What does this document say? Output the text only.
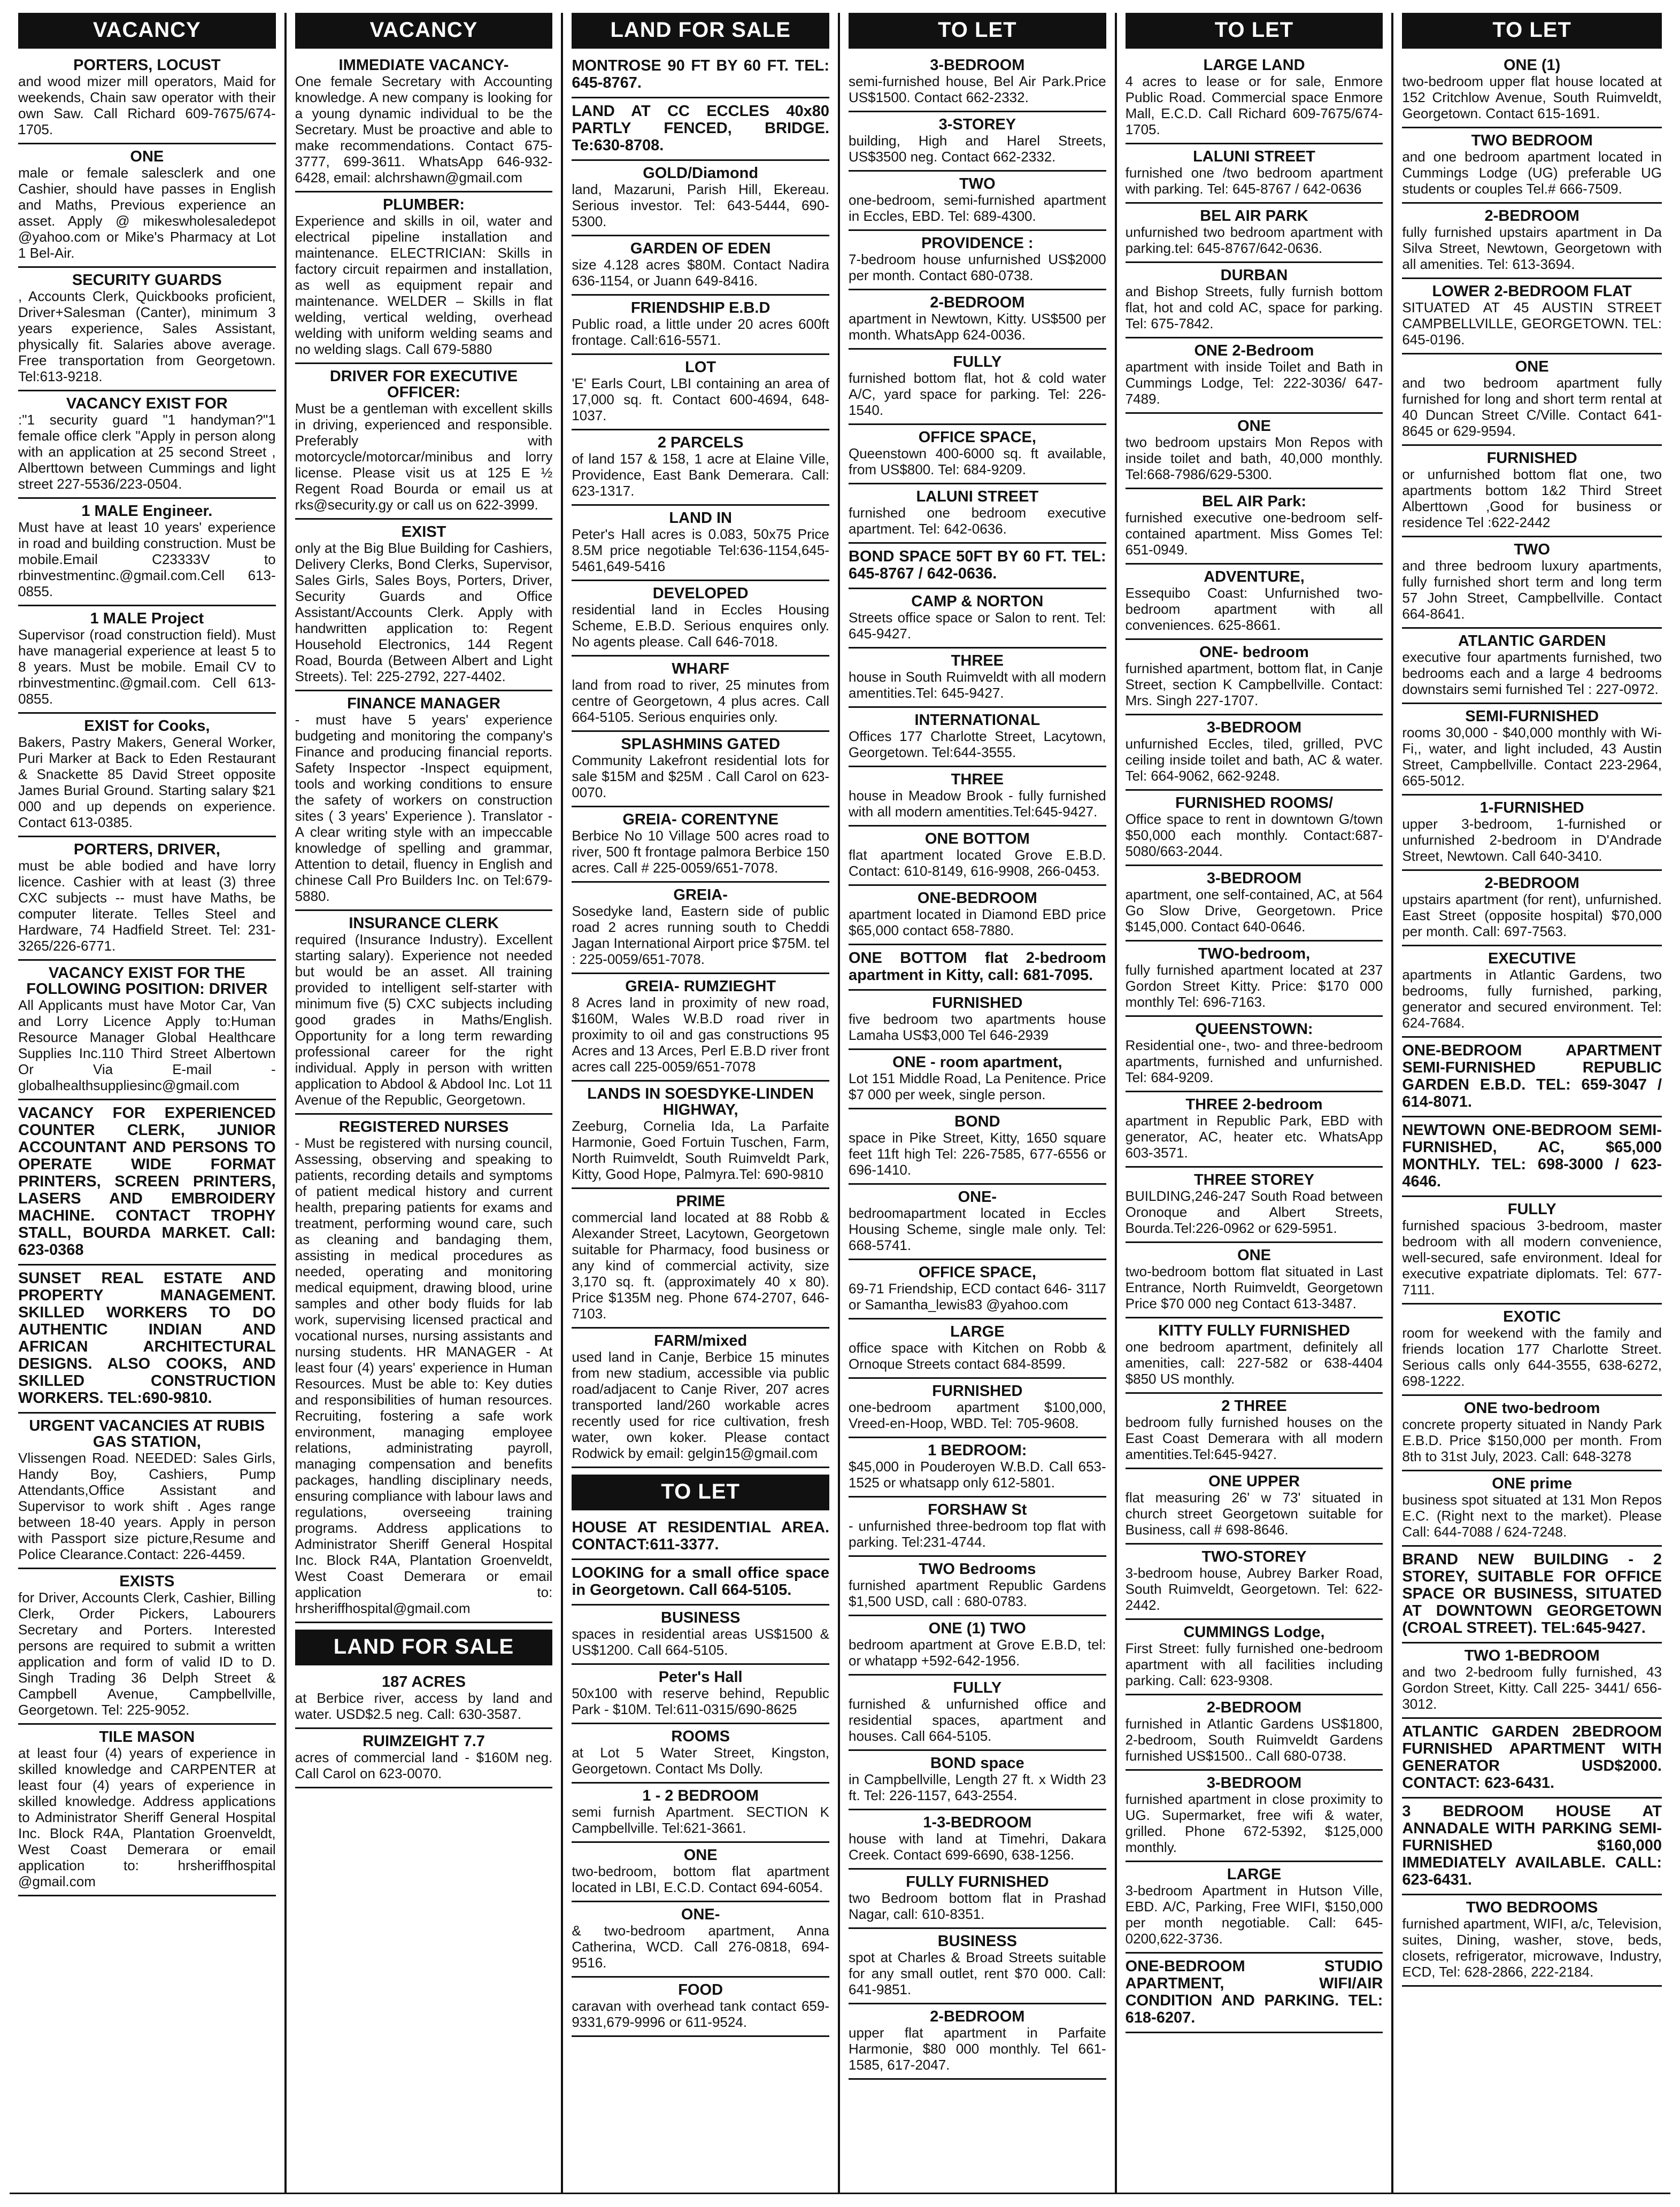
VACANCY
PORTERS, LOCUST
and wood mizer mill operators, Maid for weekends, Chain saw operator with their own Saw. Call Richard 609-7675/674-1705.
ONE
male or female salesclerk and one Cashier, should have passes in English and Maths, Previous experience an asset. Apply @ mikeswholesaledepot @yahoo.com or Mike's Pharmacy at Lot 1 Bel-Air.
SECURITY GUARDS
, Accounts Clerk, Quickbooks proficient, Driver+Salesman (Canter), minimum 3 years experience, Sales Assistant, physically fit. Salaries above average. Free transportation from Georgetown. Tel:613-9218.
VACANCY EXIST FOR
:"1 security guard "1 handyman?"1 female office clerk "Apply in person along with an application at 25 second Street , Alberttown between Cummings and light street 227-5536/223-0504.
1 MALE Engineer.
Must have at least 10 years' experience in road and building construction. Must be mobile.Email C23333V to rbinvestmentinc.@gmail.com.Cell 613-0855.
1 MALE Project
Supervisor (road construction field). Must have managerial experience at least 5 to 8 years. Must be mobile. Email CV to rbinvestmentinc.@gmail.com. Cell 613-0855.
EXIST for Cooks,
Bakers, Pastry Makers, General Worker, Puri Marker at Back to Eden Restaurant & Snackette 85 David Street opposite James Burial Ground. Starting salary $21 000 and up depends on experience. Contact 613-0385.
PORTERS, DRIVER,
must be able bodied and have lorry licence. Cashier with at least (3) three CXC subjects -- must have Maths, be computer literate. Telles Steel and Hardware, 74 Hadfield Street. Tel: 231-3265/226-6771.
VACANCY EXIST FOR THE FOLLOWING POSITION: DRIVER
All Applicants must have Motor Car, Van and Lorry Licence Apply to:Human Resource Manager Global Healthcare Supplies Inc.110 Third Street Albertown Or Via E-mail - globalhealthsuppliesinc@gmail.com
VACANCY FOR EXPERIENCED COUNTER CLERK, JUNIOR ACCOUNTANT AND PERSONS TO OPERATE WIDE FORMAT PRINTERS, SCREEN PRINTERS, LASERS AND EMBROIDERY MACHINE. CONTACT TROPHY STALL, BOURDA MARKET. Call: 623-0368
SUNSET REAL ESTATE AND PROPERTY MANAGEMENT. SKILLED WORKERS TO DO AUTHENTIC INDIAN AND AFRICAN ARCHITECTURAL DESIGNS. ALSO COOKS, AND SKILLED CONSTRUCTION WORKERS. TEL:690-9810.
URGENT VACANCIES AT RUBIS GAS STATION,
Vlissengen Road. NEEDED: Sales Girls, Handy Boy, Cashiers, Pump Attendants,Office Assistant and Supervisor to work shift . Ages range between 18-40 years. Apply in person with Passport size picture,Resume and Police Clearance.Contact: 226-4459.
EXISTS
for Driver, Accounts Clerk, Cashier, Billing Clerk, Order Pickers, Labourers Secretary and Porters. Interested persons are required to submit a written application and form of valid ID to D. Singh Trading 36 Delph Street & Campbell Avenue, Campbellville, Georgetown. Tel: 225-9052.
TILE MASON
at least four (4) years of experience in skilled knowledge and CARPENTER at least four (4) years of experience in skilled knowledge. Address applications to Administrator Sheriff General Hospital Inc. Block R4A, Plantation Groenveldt, West Coast Demerara or email application to: hrsheriffhospital @gmail.com
VACANCY
IMMEDIATE VACANCY-
One female Secretary with Accounting knowledge. A new company is looking for a young dynamic individual to be the Secretary. Must be proactive and able to make recommendations. Contact 675-3777, 699-3611. WhatsApp 646-932-6428, email: alchrshawn@gmail.com
PLUMBER:
Experience and skills in oil, water and electrical pipeline installation and maintenance. ELECTRICIAN: Skills in factory circuit repairmen and installation, as well as equipment repair and maintenance. WELDER – Skills in flat welding, vertical welding, overhead welding with uniform welding seams and no welding slags. Call 679-5880
DRIVER FOR EXECUTIVE OFFICER:
Must be a gentleman with excellent skills in driving, experienced and responsible. Preferably with motorcycle/motorcar/minibus and lorry license. Please visit us at 125 E ½ Regent Road Bourda or email us at rks@security.gy or call us on 622-3999.
EXIST
only at the Big Blue Building for Cashiers, Delivery Clerks, Bond Clerks, Supervisor, Sales Girls, Sales Boys, Porters, Driver, Security Guards and Office Assistant/Accounts Clerk. Apply with handwritten application to: Regent Household Electronics, 144 Regent Road, Bourda (Between Albert and Light Streets). Tel: 225-2792, 227-4402.
FINANCE MANAGER
- must have 5 years' experience budgeting and monitoring the company's Finance and producing financial reports. Safety Inspector -Inspect equipment, tools and working conditions to ensure the safety of workers on construction sites ( 3 years' Experience ). Translator - A clear writing style with an impeccable knowledge of spelling and grammar, Attention to detail, fluency in English and chinese Call Pro Builders Inc. on Tel:679-5880.
INSURANCE CLERK
required (Insurance Industry). Excellent starting salary). Experience not needed but would be an asset. All training provided to intelligent self-starter with minimum five (5) CXC subjects including good grades in Maths/English. Opportunity for a long term rewarding professional career for the right individual. Apply in person with written application to Abdool & Abdool Inc. Lot 11 Avenue of the Republic, Georgetown.
REGISTERED NURSES
- Must be registered with nursing council, Assessing, observing and speaking to patients, recording details and symptoms of patient medical history and current health, preparing patients for exams and treatment, performing wound care, such as cleaning and bandaging them, assisting in medical procedures as needed, operating and monitoring medical equipment, drawing blood, urine samples and other body fluids for lab work, supervising licensed practical and vocational nurses, nursing assistants and nursing students. HR MANAGER - At least four (4) years' experience in Human Resources. Must be able to: Key duties and responsibilities of human resources. Recruiting, fostering a safe work environment, managing employee relations, administrating payroll, managing compensation and benefits packages, handling disciplinary needs, ensuring compliance with labour laws and regulations, overseeing training programs. Address applications to Administrator Sheriff General Hospital Inc. Block R4A, Plantation Groenveldt, West Coast Demerara or email application to: hrsheriffhospital@gmail.com
LAND FOR SALE
187 ACRES
at Berbice river, access by land and water. USD$2.5 neg. Call: 630-3587.
RUIMZEIGHT 7.7
acres of commercial land - $160M neg. Call Carol on 623-0070.
LAND FOR SALE
MONTROSE 90 FT BY 60 FT. TEL: 645-8767.
LAND AT CC ECCLES 40x80 PARTLY FENCED, BRIDGE. Te:630-8708.
GOLD/Diamond
land, Mazaruni, Parish Hill, Ekereau. Serious investor. Tel: 643-5444, 690-5300.
GARDEN OF EDEN
size 4.128 acres $80M. Contact Nadira 636-1154, or Juann 649-8416.
FRIENDSHIP E.B.D
Public road, a little under 20 acres 600ft frontage. Call:616-5571.
LOT
'E' Earls Court, LBI containing an area of 17,000 sq. ft. Contact 600-4694, 648-1037.
2 PARCELS
of land 157 & 158, 1 acre at Elaine Ville, Providence, East Bank Demerara. Call: 623-1317.
LAND IN
Peter's Hall acres is 0.083, 50x75 Price 8.5M price negotiable Tel:636-1154,645-5461,649-5416
DEVELOPED
residential land in Eccles Housing Scheme, E.B.D. Serious enquires only. No agents please. Call 646-7018.
WHARF
land from road to river, 25 minutes from centre of Georgetown, 4 plus acres. Call 664-5105. Serious enquiries only.
SPLASHMINS GATED
Community Lakefront residential lots for sale $15M and $25M . Call Carol on 623-0070.
GREIA- CORENTYNE
Berbice No 10 Village 500 acres road to river, 500 ft frontage palmora Berbice 150 acres. Call # 225-0059/651-7078.
GREIA-
Sosedyke land, Eastern side of public road 2 acres running south to Cheddi Jagan International Airport price $75M. tel : 225-0059/651-7078.
GREIA- RUMZIEGHT
8 Acres land in proximity of new road, $160M, Wales W.B.D road river in proximity to oil and gas constructions 95 Acres and 13 Arces, Perl E.B.D river front acres call 225-0059/651-7078
LANDS IN SOESDYKE-LINDEN HIGHWAY,
Zeeburg, Cornelia Ida, La Parfaite Harmonie, Goed Fortuin Tuschen, Farm, North Ruimveldt, South Ruimveldt Park, Kitty, Good Hope, Palmyra.Tel: 690-9810
PRIME
commercial land located at 88 Robb & Alexander Street, Lacytown, Georgetown suitable for Pharmacy, food business or any kind of commercial activity, size 3,170 sq. ft. (approximately 40 x 80). Price $135M neg. Phone 674-2707, 646-7103.
FARM/mixed
used land in Canje, Berbice 15 minutes from new stadium, accessible via public road/adjacent to Canje River, 207 acres transported land/260 workable acres recently used for rice cultivation, fresh water, own koker. Please contact Rodwick by email: gelgin15@gmail.com
TO LET
HOUSE AT RESIDENTIAL AREA. CONTACT:611-3377.
LOOKING for a small office space in Georgetown. Call 664-5105.
BUSINESS
spaces in residential areas US$1500 & US$1200. Call 664-5105.
Peter's Hall
50x100 with reserve behind, Republic Park - $10M. Tel:611-0315/690-8625
ROOMS
at Lot 5 Water Street, Kingston, Georgetown. Contact Ms Dolly.
1 - 2 BEDROOM
semi furnish Apartment. SECTION K Campbellville. Tel:621-3661.
ONE
two-bedroom, bottom flat apartment located in LBI, E.C.D. Contact 694-6054.
ONE-
& two-bedroom apartment, Anna Catherina, WCD. Call 276-0818, 694-9516.
FOOD
caravan with overhead tank contact 659-9331,679-9996 or 611-9524.
TO LET
3-BEDROOM
semi-furnished house, Bel Air Park.Price US$1500. Contact 662-2332.
3-STOREY
building, High and Harel Streets, US$3500 neg. Contact 662-2332.
TWO
one-bedroom, semi-furnished apartment in Eccles, EBD. Tel: 689-4300.
PROVIDENCE :
7-bedroom house unfurnished US$2000 per month. Contact 680-0738.
2-BEDROOM
apartment in Newtown, Kitty. US$500 per month. WhatsApp 624-0036.
FULLY
furnished bottom flat, hot & cold water A/C, yard space for parking. Tel: 226-1540.
OFFICE SPACE,
Queenstown 400-6000 sq. ft available, from US$800. Tel: 684-9209.
LALUNI STREET
furnished one bedroom executive apartment. Tel: 642-0636.
BOND SPACE 50FT BY 60 FT. TEL: 645-8767 / 642-0636.
CAMP & NORTON
Streets office space or Salon to rent. Tel: 645-9427.
THREE
house in South Ruimveldt with all modern amentities.Tel: 645-9427.
INTERNATIONAL
Offices 177 Charlotte Street, Lacytown, Georgetown. Tel:644-3555.
THREE
house in Meadow Brook - fully furnished with all modern amentities.Tel:645-9427.
ONE BOTTOM
flat apartment located Grove E.B.D. Contact: 610-8149, 616-9908, 266-0453.
ONE-BEDROOM
apartment located in Diamond EBD price $65,000 contact 658-7880.
ONE BOTTOM flat 2-bedroom apartment in Kitty, call: 681-7095.
FURNISHED
five bedroom two apartments house Lamaha US$3,000 Tel 646-2939
ONE - room apartment,
Lot 151 Middle Road, La Penitence. Price $7 000 per week, single person.
BOND
space in Pike Street, Kitty, 1650 square feet 11ft high Tel: 226-7585, 677-6556 or 696-1410.
ONE-
bedroomapartment located in Eccles Housing Scheme, single male only. Tel: 668-5741.
OFFICE SPACE,
69-71 Friendship, ECD contact 646- 3117 or Samantha_lewis83 @yahoo.com
LARGE
office space with Kitchen on Robb & Ornoque Streets contact 684-8599.
FURNISHED
one-bedroom apartment $100,000, Vreed-en-Hoop, WBD. Tel: 705-9608.
1 BEDROOM:
$45,000 in Pouderoyen W.B.D. Call 653-1525 or whatsapp only 612-5801.
FORSHAW St
- unfurnished three-bedroom top flat with parking. Tel:231-4744.
TWO Bedrooms
furnished apartment Republic Gardens $1,500 USD, call : 680-0783.
ONE (1) TWO
bedroom apartment at Grove E.B.D, tel: or whatapp +592-642-1956.
FULLY
furnished & unfurnished office and residential spaces, apartment and houses. Call 664-5105.
BOND space
in Campbellville, Length 27 ft. x Width 23 ft. Tel: 226-1157, 643-2554.
1-3-BEDROOM
house with land at Timehri, Dakara Creek. Contact 699-6690, 638-1256.
FULLY FURNISHED
two Bedroom bottom flat in Prashad Nagar, call: 610-8351.
BUSINESS
spot at Charles & Broad Streets suitable for any small outlet, rent $70 000. Call: 641-9851.
2-BEDROOM
upper flat apartment in Parfaite Harmonie, $80 000 monthly. Tel 661-1585, 617-2047.
TO LET
LARGE LAND
4 acres to lease or for sale, Enmore Public Road. Commercial space Enmore Mall, E.C.D. Call Richard 609-7675/674-1705.
LALUNI STREET
furnished one /two bedroom apartment with parking. Tel: 645-8767 / 642-0636
BEL AIR PARK
unfurnished two bedroom apartment with parking.tel: 645-8767/642-0636.
DURBAN
and Bishop Streets, fully furnish bottom flat, hot and cold AC, space for parking. Tel: 675-7842.
ONE 2-Bedroom
apartment with inside Toilet and Bath in Cummings Lodge, Tel: 222-3036/ 647-7489.
ONE
two bedroom upstairs Mon Repos with inside toilet and bath, 40,000 monthly. Tel:668-7986/629-5300.
BEL AIR Park:
furnished executive one-bedroom self-contained apartment. Miss Gomes Tel: 651-0949.
ADVENTURE,
Essequibo Coast: Unfurnished two-bedroom apartment with all conveniences. 625-8661.
ONE- bedroom
furnished apartment, bottom flat, in Canje Street, section K Campbellville. Contact: Mrs. Singh 227-1707.
3-BEDROOM
unfurnished Eccles, tiled, grilled, PVC ceiling inside toilet and bath, AC & water. Tel: 664-9062, 662-9248.
FURNISHED ROOMS/
Office space to rent in downtown G/town $50,000 each monthly. Contact:687-5080/663-2044.
3-BEDROOM
apartment, one self-contained, AC, at 564 Go Slow Drive, Georgetown. Price $145,000. Contact 640-0646.
TWO-bedroom,
fully furnished apartment located at 237 Gordon Street Kitty. Price: $170 000 monthly Tel: 696-7163.
QUEENSTOWN:
Residential one-, two- and three-bedroom apartments, furnished and unfurnished. Tel: 684-9209.
THREE 2-bedroom
apartment in Republic Park, EBD with generator, AC, heater etc. WhatsApp 603-3571.
THREE STOREY
BUILDING,246-247 South Road between Oronoque and Albert Streets, Bourda.Tel:226-0962 or 629-5951.
ONE
two-bedroom bottom flat situated in Last Entrance, North Ruimveldt, Georgetown Price $70 000 neg Contact 613-3487.
KITTY FULLY FURNISHED
one bedroom apartment, definitely all amenities, call: 227-582 or 638-4404 $850 US monthly.
2 THREE
bedroom fully furnished houses on the East Coast Demerara with all modern amentities.Tel:645-9427.
ONE UPPER
flat measuring 26' w 73' situated in church street Georgetown suitable for Business, call # 698-8646.
TWO-STOREY
3-bedroom house, Aubrey Barker Road, South Ruimveldt, Georgetown. Tel: 622-2442.
CUMMINGS Lodge,
First Street: fully furnished one-bedroom apartment with all facilities including parking. Call: 623-9308.
2-BEDROOM
furnished in Atlantic Gardens US$1800, 2-bedroom, South Ruimveldt Gardens furnished US$1500.. Call 680-0738.
3-BEDROOM
furnished apartment in close proximity to UG. Supermarket, free wifi & water, grilled. Phone 672-5392, $125,000 monthly.
LARGE
3-bedroom Apartment in Hutson Ville, EBD. A/C, Parking, Free WIFI, $150,000 per month negotiable. Call: 645-0200,622-3736.
ONE-BEDROOM STUDIO APARTMENT, WIFI/AIR CONDITION AND PARKING. TEL: 618-6207.
TO LET
ONE (1)
two-bedroom upper flat house located at 152 Critchlow Avenue, South Ruimveldt, Georgetown. Contact 615-1691.
TWO BEDROOM
and one bedroom apartment located in Cummings Lodge (UG) preferable UG students or couples Tel.# 666-7509.
2-BEDROOM
fully furnished upstairs apartment in Da Silva Street, Newtown, Georgetown with all amenities. Tel: 613-3694.
LOWER 2-BEDROOM FLAT
SITUATED AT 45 AUSTIN STREET CAMPBELLVILLE, GEORGETOWN. TEL: 645-0196.
ONE
and two bedroom apartment fully furnished for long and short term rental at 40 Duncan Street C/Ville. Contact 641-8645 or 629-9594.
FURNISHED
or unfurnished bottom flat one, two apartments bottom 1&2 Third Street Alberttown ,Good for business or residence Tel :622-2442
TWO
and three bedroom luxury apartments, fully furnished short term and long term 57 John Street, Campbellville. Contact 664-8641.
ATLANTIC GARDEN
executive four apartments furnished, two bedrooms each and a large 4 bedrooms downstairs semi furnished Tel : 227-0972.
SEMI-FURNISHED
rooms 30,000 - $40,000 monthly with Wi-Fi,, water, and light included, 43 Austin Street, Campbellville. Contact 223-2964, 665-5012.
1-FURNISHED
upper 3-bedroom, 1-furnished or unfurnished 2-bedroom in D'Andrade Street, Newtown. Call 640-3410.
2-BEDROOM
upstairs apartment (for rent), unfurnished. East Street (opposite hospital) $70,000 per month. Call: 697-7563.
EXECUTIVE
apartments in Atlantic Gardens, two bedrooms, fully furnished, parking, generator and secured environment. Tel: 624-7684.
ONE-BEDROOM APARTMENT SEMI-FURNISHED REPUBLIC GARDEN E.B.D. TEL: 659-3047 / 614-8071.
NEWTOWN ONE-BEDROOM SEMI-FURNISHED, AC, $65,000 MONTHLY. TEL: 698-3000 / 623-4646.
FULLY
furnished spacious 3-bedroom, master bedroom with all modern convenience, well-secured, safe environment. Ideal for executive expatriate diplomats. Tel: 677-7111.
EXOTIC
room for weekend with the family and friends location 177 Charlotte Street. Serious calls only 644-3555, 638-6272, 698-1222.
ONE two-bedroom
concrete property situated in Nandy Park E.B.D. Price $150,000 per month. From 8th to 31st July, 2023. Call: 648-3278
ONE prime
business spot situated at 131 Mon Repos E.C. (Right next to the market). Please Call: 644-7088 / 624-7248.
BRAND NEW BUILDING - 2 STOREY, SUITABLE FOR OFFICE SPACE OR BUSINESS, SITUATED AT DOWNTOWN GEORGETOWN (CROAL STREET). TEL:645-9427.
TWO 1-BEDROOM
and two 2-bedroom fully furnished, 43 Gordon Street, Kitty. Call 225- 3441/ 656-3012.
ATLANTIC GARDEN 2BEDROOM FURNISHED APARTMENT WITH GENERATOR USD$2000. CONTACT: 623-6431.
3 BEDROOM HOUSE AT ANNADALE WITH PARKING SEMI-FURNISHED $160,000 IMMEDIATELY AVAILABLE. CALL: 623-6431.
TWO BEDROOMS
furnished apartment, WIFI, a/c, Television, suites, Dining, washer, stove, beds, closets, refrigerator, microwave, Industry, ECD, Tel: 628-2866, 222-2184.
